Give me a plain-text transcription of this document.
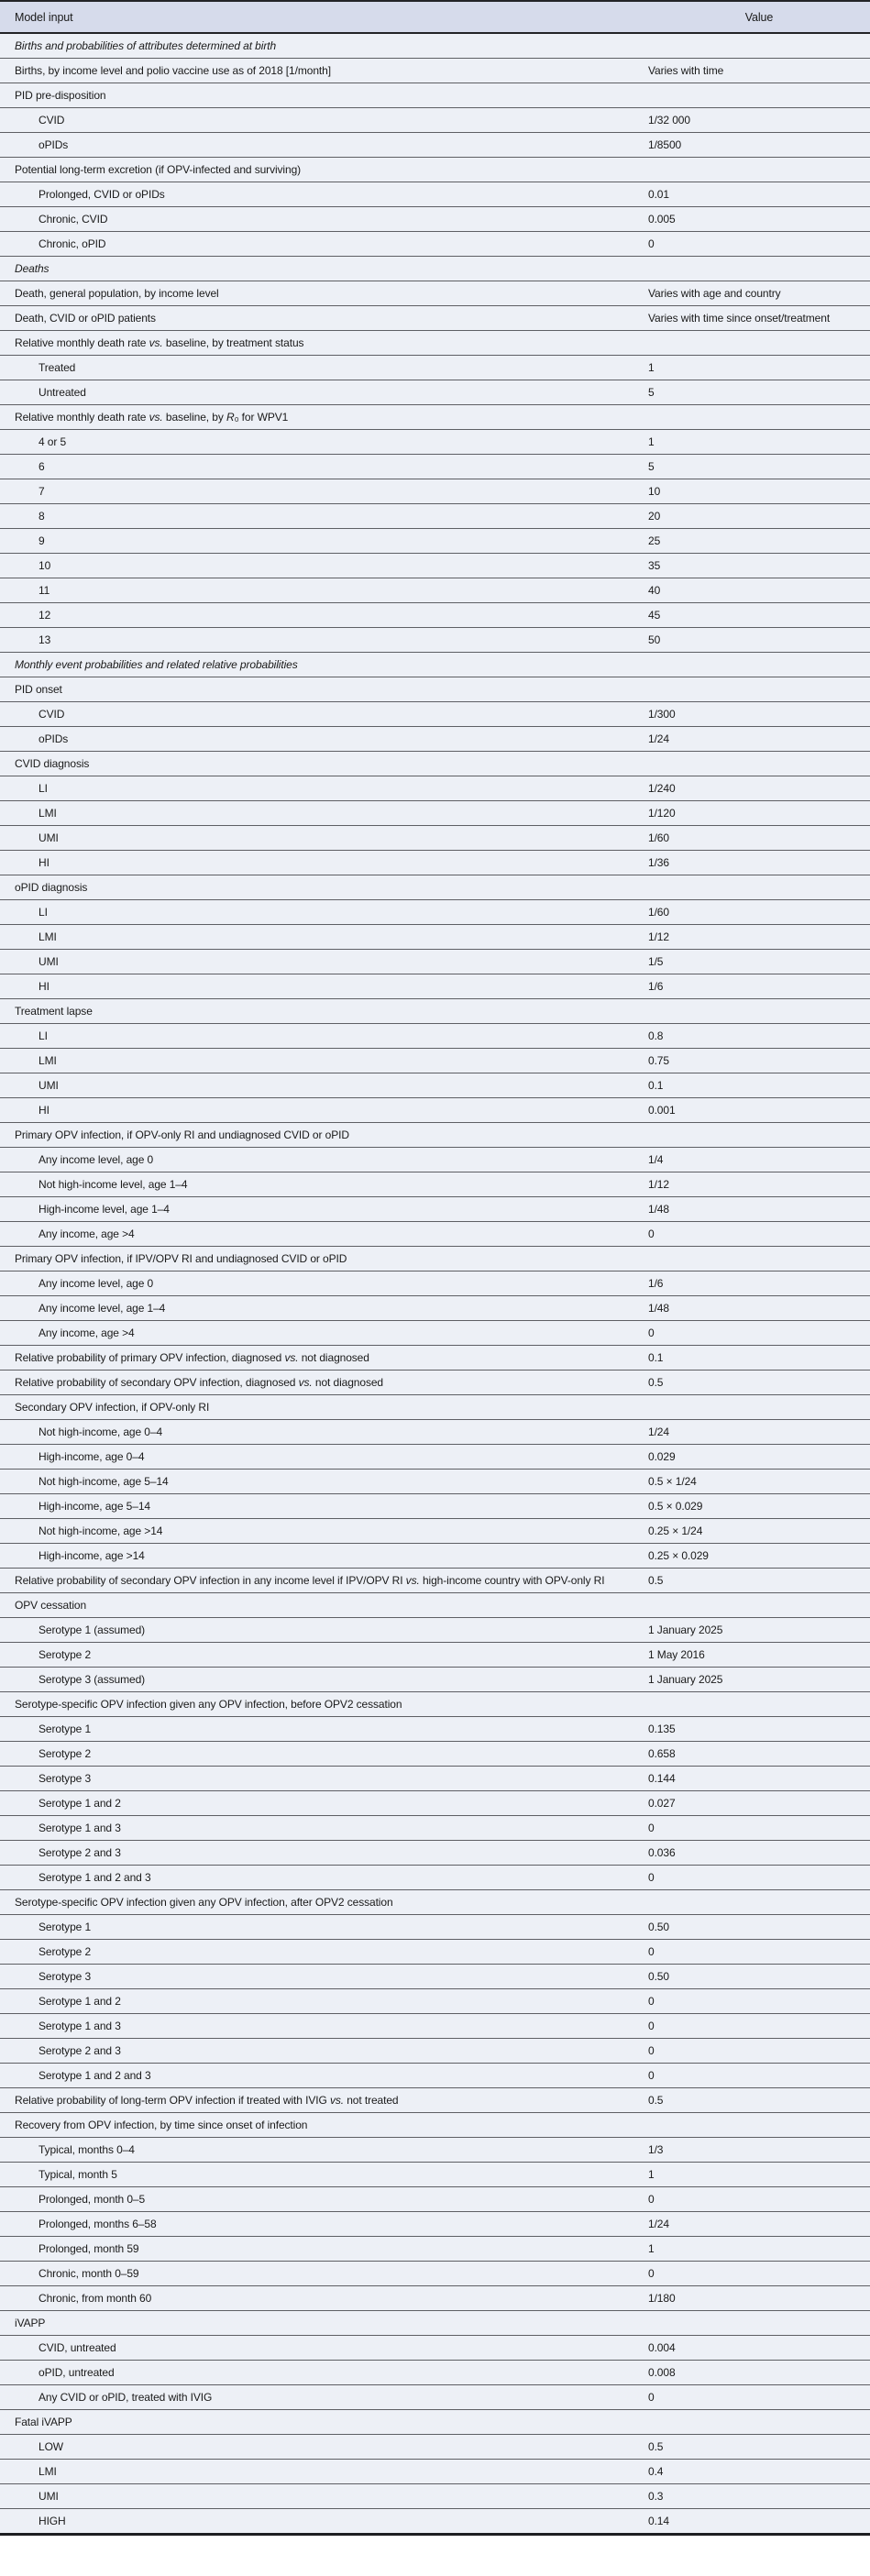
Model input	Value
Births and probabilities of attributes determined at birth	
Births, by income level and polio vaccine use as of 2018 [1/month]	Varies with time
PID pre-disposition	
CVID	1/32 000
oPIDs	1/8500
Potential long-term excretion (if OPV-infected and surviving)	
Prolonged, CVID or oPIDs	0.01
Chronic, CVID	0.005
Chronic, oPID	0
Deaths	
Death, general population, by income level	Varies with age and country
Death, CVID or oPID patients	Varies with time since onset/treatment
Relative monthly death rate vs. baseline, by treatment status	
Treated	1
Untreated	5
Relative monthly death rate vs. baseline, by R₀ for WPV1	
4 or 5	1
6	5
7	10
8	20
9	25
10	35
11	40
12	45
13	50
Monthly event probabilities and related relative probabilities	
PID onset	
CVID	1/300
oPIDs	1/24
CVID diagnosis	
LI	1/240
LMI	1/120
UMI	1/60
HI	1/36
oPID diagnosis	
LI	1/60
LMI	1/12
UMI	1/5
HI	1/6
Treatment lapse	
LI	0.8
LMI	0.75
UMI	0.1
HI	0.001
Primary OPV infection, if OPV-only RI and undiagnosed CVID or oPID	
Any income level, age 0	1/4
Not high-income level, age 1–4	1/12
High-income level, age 1–4	1/48
Any income, age >4	0
Primary OPV infection, if IPV/OPV RI and undiagnosed CVID or oPID	
Any income level, age 0	1/6
Any income level, age 1–4	1/48
Any income, age >4	0
Relative probability of primary OPV infection, diagnosed vs. not diagnosed	0.1
Relative probability of secondary OPV infection, diagnosed vs. not diagnosed	0.5
Secondary OPV infection, if OPV-only RI	
Not high-income, age 0–4	1/24
High-income, age 0–4	0.029
Not high-income, age 5–14	0.5 × 1/24
High-income, age 5–14	0.5 × 0.029
Not high-income, age >14	0.25 × 1/24
High-income, age >14	0.25 × 0.029
Relative probability of secondary OPV infection in any income level if IPV/OPV RI vs. high-income country with OPV-only RI	0.5
OPV cessation	
Serotype 1 (assumed)	1 January 2025
Serotype 2	1 May 2016
Serotype 3 (assumed)	1 January 2025
Serotype-specific OPV infection given any OPV infection, before OPV2 cessation	
Serotype 1	0.135
Serotype 2	0.658
Serotype 3	0.144
Serotype 1 and 2	0.027
Serotype 1 and 3	0
Serotype 2 and 3	0.036
Serotype 1 and 2 and 3	0
Serotype-specific OPV infection given any OPV infection, after OPV2 cessation	
Serotype 1	0.50
Serotype 2	0
Serotype 3	0.50
Serotype 1 and 2	0
Serotype 1 and 3	0
Serotype 2 and 3	0
Serotype 1 and 2 and 3	0
Relative probability of long-term OPV infection if treated with IVIG vs. not treated	0.5
Recovery from OPV infection, by time since onset of infection	
Typical, months 0–4	1/3
Typical, month 5	1
Prolonged, month 0–5	0
Prolonged, months 6–58	1/24
Prolonged, month 59	1
Chronic, month 0–59	0
Chronic, from month 60	1/180
iVAPP	
CVID, untreated	0.004
oPID, untreated	0.008
Any CVID or oPID, treated with IVIG	0
Fatal iVAPP	
LOW	0.5
LMI	0.4
UMI	0.3
HIGH	0.14
